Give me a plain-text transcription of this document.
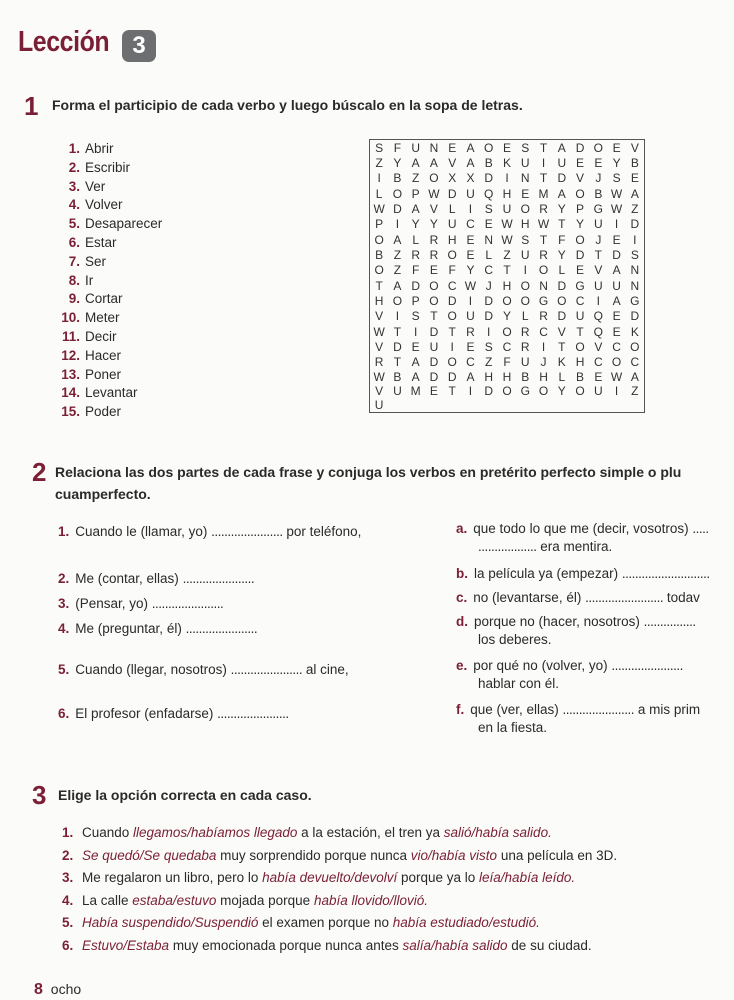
Lección 3
1 Forma el participio de cada verbo y luego búscalo en la sopa de letras.
1. Abrir
2. Escribir
3. Ver
4. Volver
5. Desaparecer
6. Estar
7. Ser
8. Ir
9. Cortar
10. Meter
11. Decir
12. Hacer
13. Poner
14. Levantar
15. Poder
S F U N E A O E S T A D O E V
Z Y A A V A B K U	I	U E E Y B
I	B Z O X X D	I	N T D V J S E
L O P W D U Q H E M A O B W A
W D A V L	I	S U O R Y P G W Z
P	I	Y Y U C E W H W T Y U	I	D
O A L R H E N W S T F O J E	I
B Z R R O E L Z U R Y D T D S
O Z F E F Y C T	I O L E V A N
T A D O C W J H O N D G U U N
H O P O D	I	D O O G O C	I	A G
V	I	S T O U D Y L R D U Q E D
W T	I	D T R	I O R C V T Q E K
V D E U	I	E S C R	I	T O V C O
R T A D O C Z F U J K H C O C
W B A D D A H H B H L B E W A
V U M E T	I	D O G O Y O U	I	Z
U
2 Relaciona las dos partes de cada frase y conjuga los verbos en pretérito perfecto simple o plu
cuamperfecto.
1. Cuando le (llamar, yo) ...................... por teléfono,
2. Me (contar, ellas) ......................
3. (Pensar, yo) ......................
4. Me (preguntar, él) ......................
5. Cuando (llegar, nosotros) ...................... al cine,
6. El profesor (enfadarse) ......................
a. que todo lo que me (decir, vosotros) .....
.................. era mentira.
b. la película ya (empezar) ...........................
c. no (levantarse, él) ........................ todav
d. porque no (hacer, nosotros) ................
los deberes.
e. por qué no (volver, yo) ......................
hablar con él.
f. que (ver, ellas) ...................... a mis prim
en la fiesta.
3 Elige la opción correcta en cada caso.
1. Cuando llegamos/habíamos llegado a la estación, el tren ya salió/había salido.
2. Se quedó/Se quedaba muy sorprendido porque nunca vio/había visto una película en 3D.
3. Me regalaron un libro, pero lo había devuelto/devolví porque ya lo leía/había leído.
4. La calle estaba/estuvo mojada porque había llovido/llovió.
5. Había suspendido/Suspendió el examen porque no había estudiado/estudió.
6. Estuvo/Estaba muy emocionada porque nunca antes salía/había salido de su ciudad.
8 ocho
